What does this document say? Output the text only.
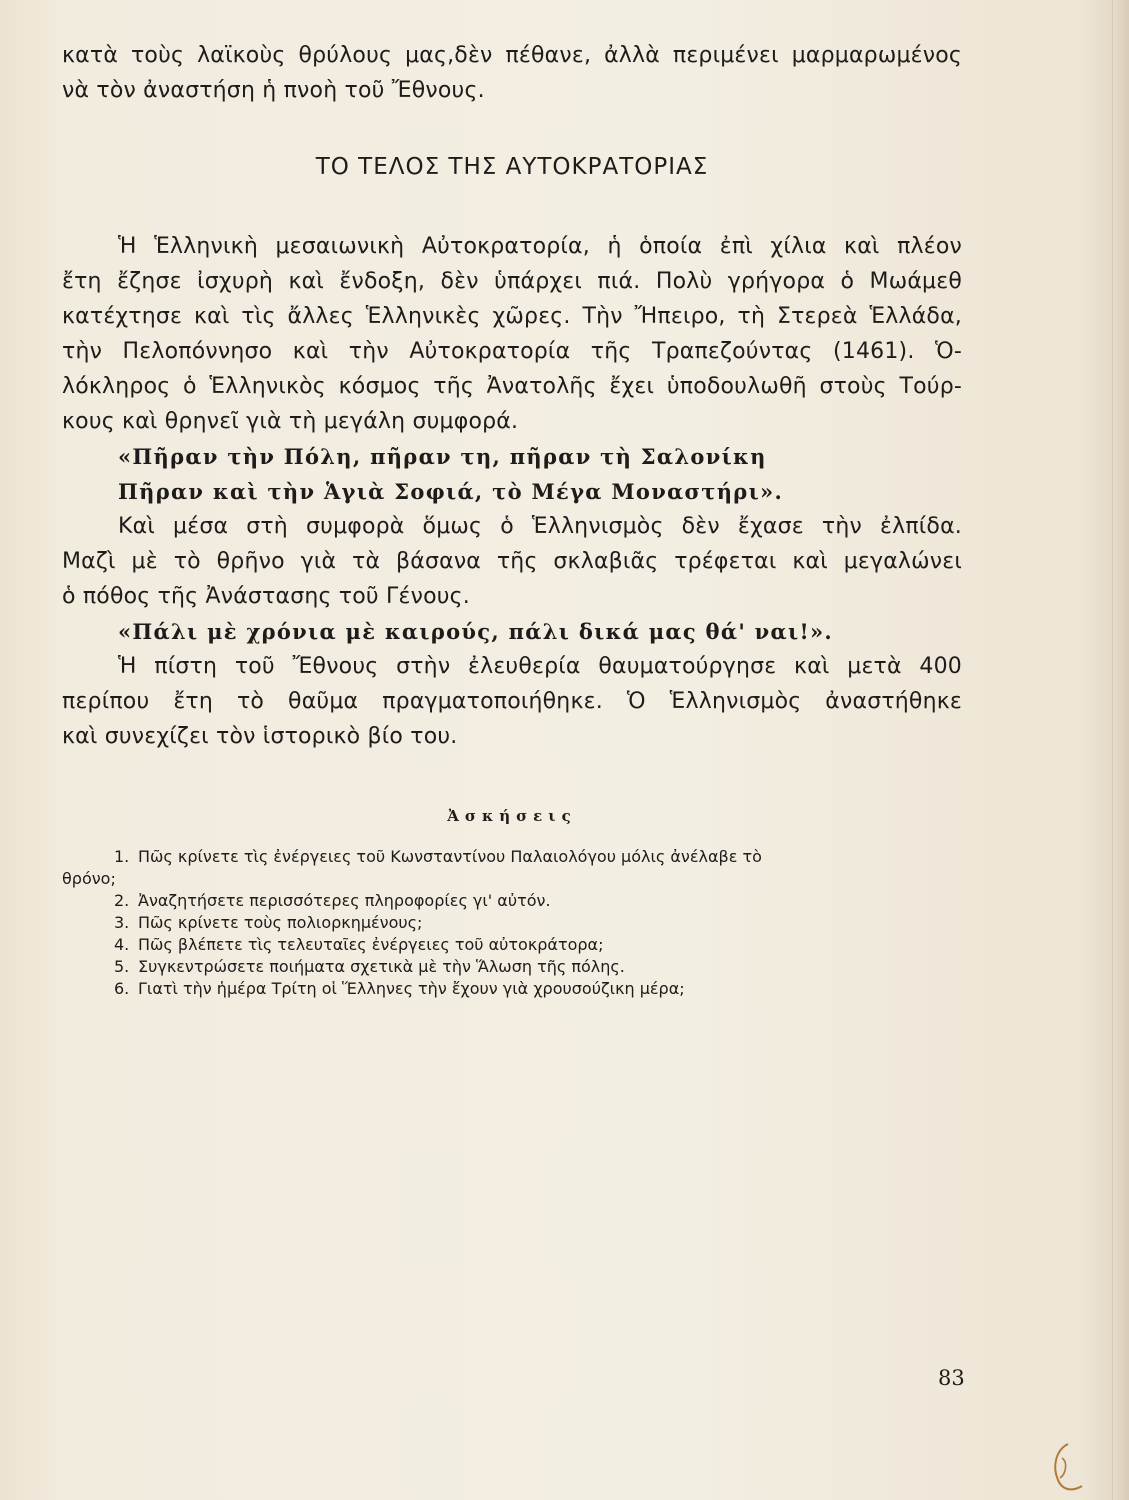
κατὰ τοὺς λαϊκοὺς θρύλους μας,δὲν πέθανε, ἀλλὰ περιμένει μαρμαρωμένος
νὰ τὸν ἀναστήση ἡ πνοὴ τοῦ Ἔθνους.
ΤΟ ΤΕΛΟΣ ΤΗΣ ΑΥΤΟΚΡΑΤΟΡΙΑΣ
Ἡ Ἑλληνικὴ μεσαιωνικὴ Αὐτοκρατορία, ἡ ὁποία ἐπὶ χίλια καὶ πλέον
ἔτη ἔζησε ἰσχυρὴ καὶ ἔνδοξη, δὲν ὑπάρχει πιά. Πολὺ γρήγορα ὁ Μωάμεθ
κατέχτησε καὶ τὶς ἄλλες Ἑλληνικὲς χῶρες. Τὴν Ἤπειρο, τὴ Στερεὰ Ἑλλάδα,
τὴν Πελοπόννησο καὶ τὴν Αὐτοκρατορία τῆς Τραπεζούντας (1461). Ὁ-
λόκληρος ὁ Ἑλληνικὸς κόσμος τῆς Ἀνατολῆς ἔχει ὑποδουλωθῆ στοὺς Τούρ-
κους καὶ θρηνεῖ γιὰ τὴ μεγάλη συμφορά.
«Πῆραν τὴν Πόλη, πῆραν τη, πῆραν τὴ Σαλονίκη
Πῆραν καὶ τὴν Ἁγιὰ Σοφιά, τὸ Μέγα Μοναστήρι».
Καὶ μέσα στὴ συμφορὰ ὅμως ὁ Ἑλληνισμὸς δὲν ἔχασε τὴν ἐλπίδα.
Μαζὶ μὲ τὸ θρῆνο γιὰ τὰ βάσανα τῆς σκλαβιᾶς τρέφεται καὶ μεγαλώνει
ὁ πόθος τῆς Ἀνάστασης τοῦ Γένους.
«Πάλι μὲ χρόνια μὲ καιρούς, πάλι δικά μας θά' ναι!».
Ἡ πίστη τοῦ Ἔθνους στὴν ἐλευθερία θαυματούργησε καὶ μετὰ 400
περίπου ἔτη τὸ θαῦμα πραγματοποιήθηκε. Ὁ Ἑλληνισμὸς ἀναστήθηκε
καὶ συνεχίζει τὸν ἱστορικὸ βίο του.
Ἀσκήσεις
1. Πῶς κρίνετε τὶς ἐνέργειες τοῦ Κωνσταντίνου Παλαιολόγου μόλις ἀνέλαβε τὸ
θρόνο;
2. Ἀναζητήσετε περισσότερες πληροφορίες γι' αὐτόν.
3. Πῶς κρίνετε τοὺς πολιορκημένους;
4. Πῶς βλέπετε τὶς τελευταῖες ἐνέργειες τοῦ αὐτοκράτορα;
5. Συγκεντρώσετε ποιήματα σχετικὰ μὲ τὴν Ἅλωση τῆς πόλης.
6. Γιατὶ τὴν ἡμέρα Τρίτη οἱ Ἕλληνες τὴν ἔχουν γιὰ χρουσούζικη μέρα;
83
